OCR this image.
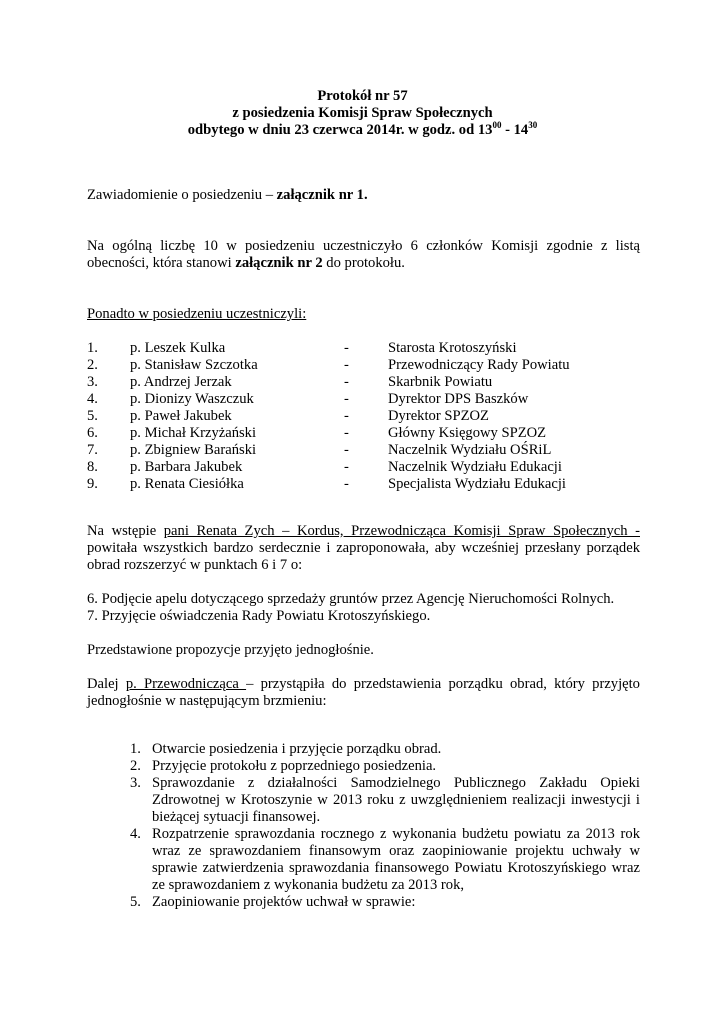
Protokół nr 57
z posiedzenia Komisji Spraw Społecznych
odbytego w dniu 23 czerwca 2014r. w godz. od $13^{00} - 14^{30}$
Zawiadomienie o posiedzeniu – załącznik nr 1.
Na ogólną liczbę 10 w posiedzeniu uczestniczyło 6 członków Komisji zgodnie z listą obecności, która stanowi załącznik nr 2 do protokołu.
Ponadto w posiedzeniu uczestniczyli:
1. p. Leszek Kulka	-	Starosta Krotoszyński
2. p. Stanisław Szczotka	-	Przewodniczący Rady Powiatu
3. p. Andrzej Jerzak	-	Skarbnik Powiatu
4. p. Dionizy Waszczuk	-	Dyrektor DPS Baszków
5. p. Paweł Jakubek	-	Dyrektor SPZOZ
6. p. Michał Krzyżański	-	Główny Księgowy SPZOZ
7. p. Zbigniew Barański	-	Naczelnik Wydziału OŚRiL
8. p. Barbara Jakubek	-	Naczelnik Wydziału Edukacji
9. p. Renata Ciesiółka	-	Specjalista Wydziału Edukacji
Na wstępie pani Renata Zych – Kordus, Przewodnicząca Komisji Spraw Społecznych - powitała wszystkich bardzo serdecznie i zaproponowała, aby wcześniej przesłany porządek obrad rozszerzyć w punktach 6 i 7 o:
6. Podjęcie apelu dotyczącego sprzedaży gruntów przez Agencję Nieruchomości Rolnych.
7. Przyjęcie oświadczenia Rady Powiatu Krotoszyńskiego.
Przedstawione propozycje przyjęto jednogłośnie.
Dalej p. Przewodnicząca – przystąpiła do przedstawienia porządku obrad, który przyjęto jednogłośnie w następującym brzmieniu:
1. Otwarcie posiedzenia i przyjęcie porządku obrad.
2. Przyjęcie protokołu z poprzedniego posiedzenia.
3. Sprawozdanie z działalności Samodzielnego Publicznego Zakładu Opieki Zdrowotnej w Krotoszynie w 2013 roku z uwzględnieniem realizacji inwestycji i bieżącej sytuacji finansowej.
4. Rozpatrzenie sprawozdania rocznego z wykonania budżetu powiatu za 2013 rok wraz ze sprawozdaniem finansowym oraz zaopiniowanie projektu uchwały w sprawie zatwierdzenia sprawozdania finansowego Powiatu Krotoszyńskiego wraz ze sprawozdaniem z wykonania budżetu za 2013 rok,
5. Zaopiniowanie projektów uchwał w sprawie:
